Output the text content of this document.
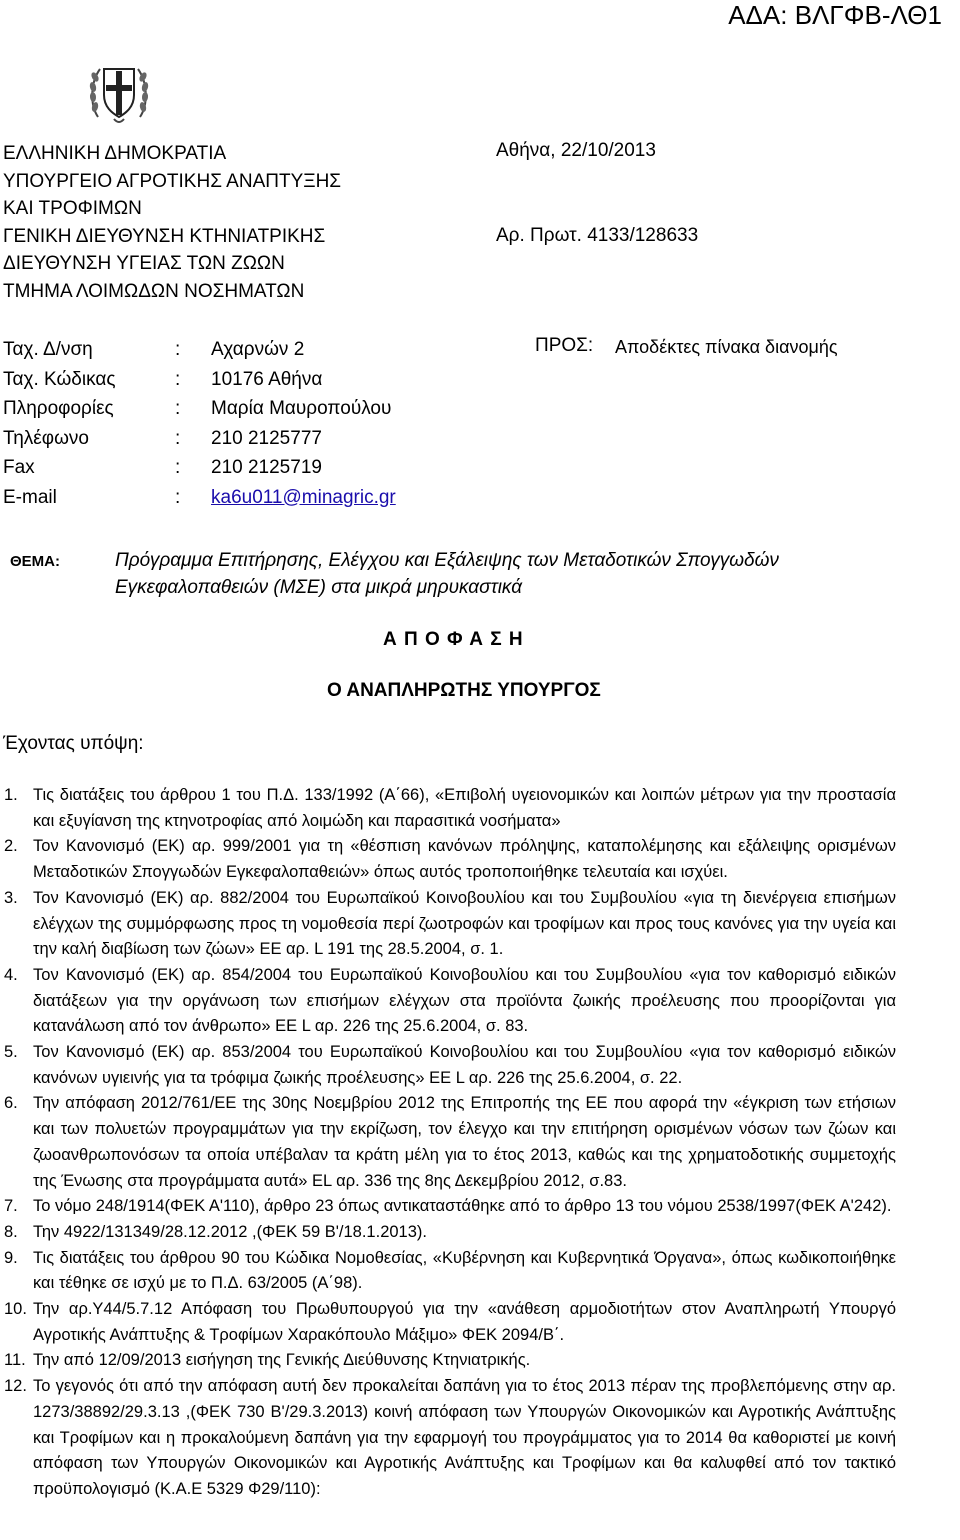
ΑΔΑ: ΒΛΓΦΒ-ΛΘ1
ΕΛΛΗΝΙΚΗ ΔΗΜΟΚΡΑΤΙΑ
ΥΠΟΥΡΓΕΙΟ ΑΓΡΟΤΙΚΗΣ ΑΝΑΠΤΥΞΗΣ
ΚΑΙ ΤΡΟΦΙΜΩΝ
ΓΕΝΙΚΗ ΔΙΕΥΘΥΝΣΗ ΚΤΗΝΙΑΤΡΙΚΗΣ
ΔΙΕΥΘΥΝΣΗ ΥΓΕΙΑΣ ΤΩΝ ΖΩΩΝ
ΤΜΗΜΑ ΛΟΙΜΩΔΩΝ ΝΟΣΗΜΑΤΩΝ
Αθήνα, 22/10/2013
Αρ. Πρωτ. 4133/128633
Ταχ. Δ/νση	: Αχαρνών 2
Ταχ. Κώδικας	: 10176 Αθήνα
Πληροφορίες	: Μαρία Μαυροπούλου
Τηλέφωνο	: 210 2125777
Fax	: 210 2125719
E-mail	: ka6u011@minagric.gr
ΠΡΟΣ: Αποδέκτες πίνακα διανομής
ΘΕΜΑ:	Πρόγραμμα Επιτήρησης, Ελέγχου και Εξάλειψης των Μεταδοτικών Σπογγωδών
Εγκεφαλοπαθειών (ΜΣΕ) στα μικρά μηρυκαστικά
Α Π Ο Φ Α Σ Η
Ο ΑΝΑΠΛΗΡΩΤΗΣ ΥΠΟΥΡΓΟΣ
Έχοντας υπόψη:
1. Τις διατάξεις του άρθρου 1 του Π.Δ. 133/1992 (Α΄66), «Επιβολή υγειονομικών και λοιπών μέτρων για την προστασία και εξυγίανση της κτηνοτροφίας από λοιμώδη και παρασιτικά νοσήματα»
2. Τον Κανονισμό (ΕΚ) αρ. 999/2001 για τη «θέσπιση κανόνων πρόληψης, καταπολέμησης και εξάλειψης ορισμένων Μεταδοτικών Σπογγωδών Εγκεφαλοπαθειών» όπως αυτός τροποποιήθηκε τελευταία και ισχύει.
3. Τον Κανονισμό (ΕΚ) αρ. 882/2004 του Ευρωπαϊκού Κοινοβουλίου και του Συμβουλίου «για τη διενέργεια επισήμων ελέγχων της συμμόρφωσης προς τη νομοθεσία περί ζωοτροφών και τροφίμων και προς τους κανόνες για την υγεία και την καλή διαβίωση των ζώων» ΕΕ αρ. L 191 της 28.5.2004, σ. 1.
4. Τον Κανονισμό (ΕΚ) αρ. 854/2004 του Ευρωπαϊκού Κοινοβουλίου και του Συμβουλίου «για τον καθορισμό ειδικών διατάξεων για την οργάνωση των επισήμων ελέγχων στα προϊόντα ζωικής προέλευσης που προορίζονται για κατανάλωση από τον άνθρωπο» ΕΕ L αρ. 226 της 25.6.2004, σ. 83.
5. Τον Κανονισμό (ΕΚ) αρ. 853/2004 του Ευρωπαϊκού Κοινοβουλίου και του Συμβουλίου «για τον καθορισμό ειδικών κανόνων υγιεινής για τα τρόφιμα ζωικής προέλευσης» ΕΕ L αρ. 226 της 25.6.2004, σ. 22.
6. Την απόφαση 2012/761/ΕΕ της 30ης Νοεμβρίου 2012 της Επιτροπής της ΕΕ που αφορά την «έγκριση των ετήσιων και των πολυετών προγραμμάτων για την εκρίζωση, τον έλεγχο και την επιτήρηση ορισμένων νόσων των ζώων και ζωοανθρωπονόσων τα οποία υπέβαλαν τα κράτη μέλη για το έτος 2013, καθώς και της χρηματοδοτικής συμμετοχής της Ένωσης στα προγράμματα αυτά» EL αρ. 336 της 8ης Δεκεμβρίου 2012, σ.83.
7. Το νόμο 248/1914(ΦΕΚ Α'110), άρθρο 23 όπως αντικαταστάθηκε από το άρθρο 13 του νόμου 2538/1997(ΦΕΚ Α'242).
8. Την 4922/131349/28.12.2012 ,(ΦΕΚ 59 Β'/18.1.2013).
9. Τις διατάξεις του άρθρου 90 του Κώδικα Νομοθεσίας, «Κυβέρνηση και Κυβερνητικά Όργανα», όπως κωδικοποιήθηκε και τέθηκε σε ισχύ με το Π.Δ. 63/2005 (Α΄98).
10. Την αρ.Υ44/5.7.12 Απόφαση του Πρωθυπουργού για την «ανάθεση αρμοδιοτήτων στον Αναπληρωτή Υπουργό Αγροτικής Ανάπτυξης & Τροφίμων Χαρακόπουλο Μάξιμο» ΦΕΚ 2094/Β΄.
11. Την από 12/09/2013 εισήγηση της Γενικής Διεύθυνσης Κτηνιατρικής.
12. Το γεγονός ότι από την απόφαση αυτή δεν προκαλείται δαπάνη για το έτος 2013 πέραν της προβλεπόμενης στην αρ. 1273/38892/29.3.13 ,(ΦΕΚ 730 Β'/29.3.2013) κοινή απόφαση των Υπουργών Οικονομικών και Αγροτικής Ανάπτυξης και Τροφίμων και η προκαλούμενη δαπάνη για την εφαρμογή του προγράμματος για το 2014 θα καθοριστεί με κοινή απόφαση των Υπουργών Οικονομικών και Αγροτικής Ανάπτυξης και Τροφίμων και θα καλυφθεί από τον τακτικό προϋπολογισμό (Κ.Α.Ε 5329 Φ29/110):
